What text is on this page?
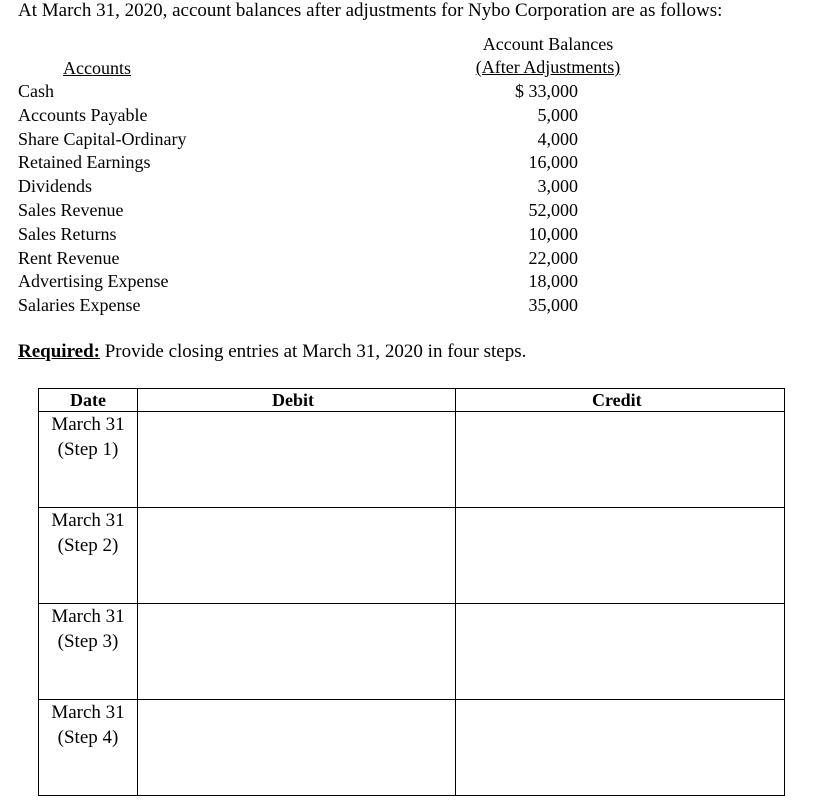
At March 31, 2020, account balances after adjustments for Nybo Corporation are as follows:
Accounts
Account Balances
(After Adjustments)
Cash	$ 33,000
Accounts Payable	5,000
Share Capital-Ordinary	4,000
Retained Earnings	16,000
Dividends	3,000
Sales Revenue	52,000
Sales Returns	10,000
Rent Revenue	22,000
Advertising Expense	18,000
Salaries Expense	35,000
Required: Provide closing entries at March 31, 2020 in four steps.
Date	Debit	Credit

March 31
(Step 1)		

March 31
(Step 2)		

March 31
(Step 3)		

March 31
(Step 4)		
